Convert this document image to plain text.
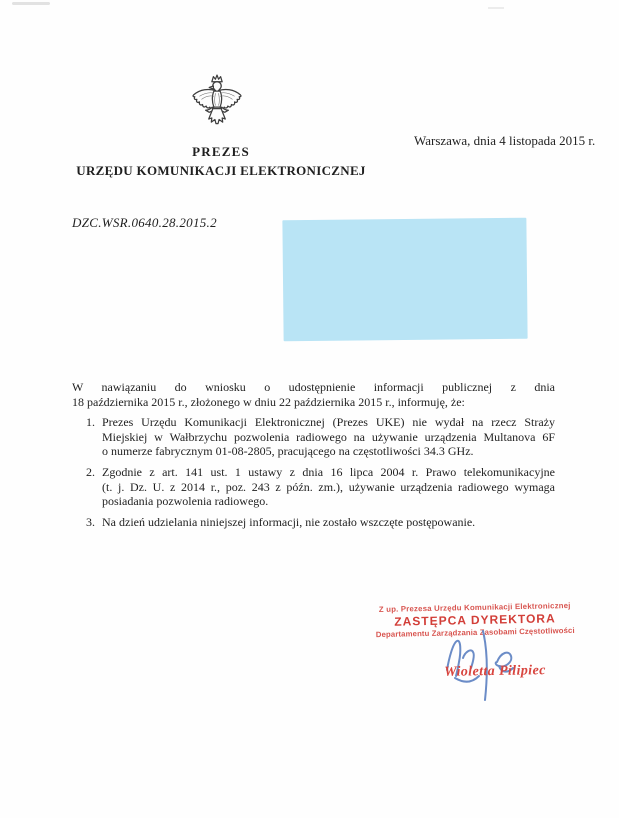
PREZES
URZĘDU KOMUNIKACJI ELEKTRONICZNEJ
Warszawa, dnia 4 listopada 2015 r.
DZC.WSR.0640.28.2015.2
W nawiązaniu do wniosku o udostępnienie informacji publicznej z dnia
18 października 2015 r., złożonego w dniu 22 października 2015 r., informuję, że:
1. Prezes Urzędu Komunikacji Elektronicznej (Prezes UKE) nie wydał na rzecz Straży
Miejskiej w Wałbrzychu pozwolenia radiowego na używanie urządzenia Multanova 6F
o numerze fabrycznym 01-08-2805, pracującego na częstotliwości 34.3 GHz.
2. Zgodnie z art. 141 ust. 1 ustawy z dnia 16 lipca 2004 r. Prawo telekomunikacyjne
(t. j. Dz. U. z 2014 r., poz. 243 z późn. zm.), używanie urządzenia radiowego wymaga
posiadania pozwolenia radiowego.
3. Na dzień udzielania niniejszej informacji, nie zostało wszczęte postępowanie.
Z up. Prezesa Urzędu Komunikacji Elektronicznej
ZASTĘPCA DYREKTORA
Departamentu Zarządzania Zasobami Częstotliwości
Wioletta Pilipiec
